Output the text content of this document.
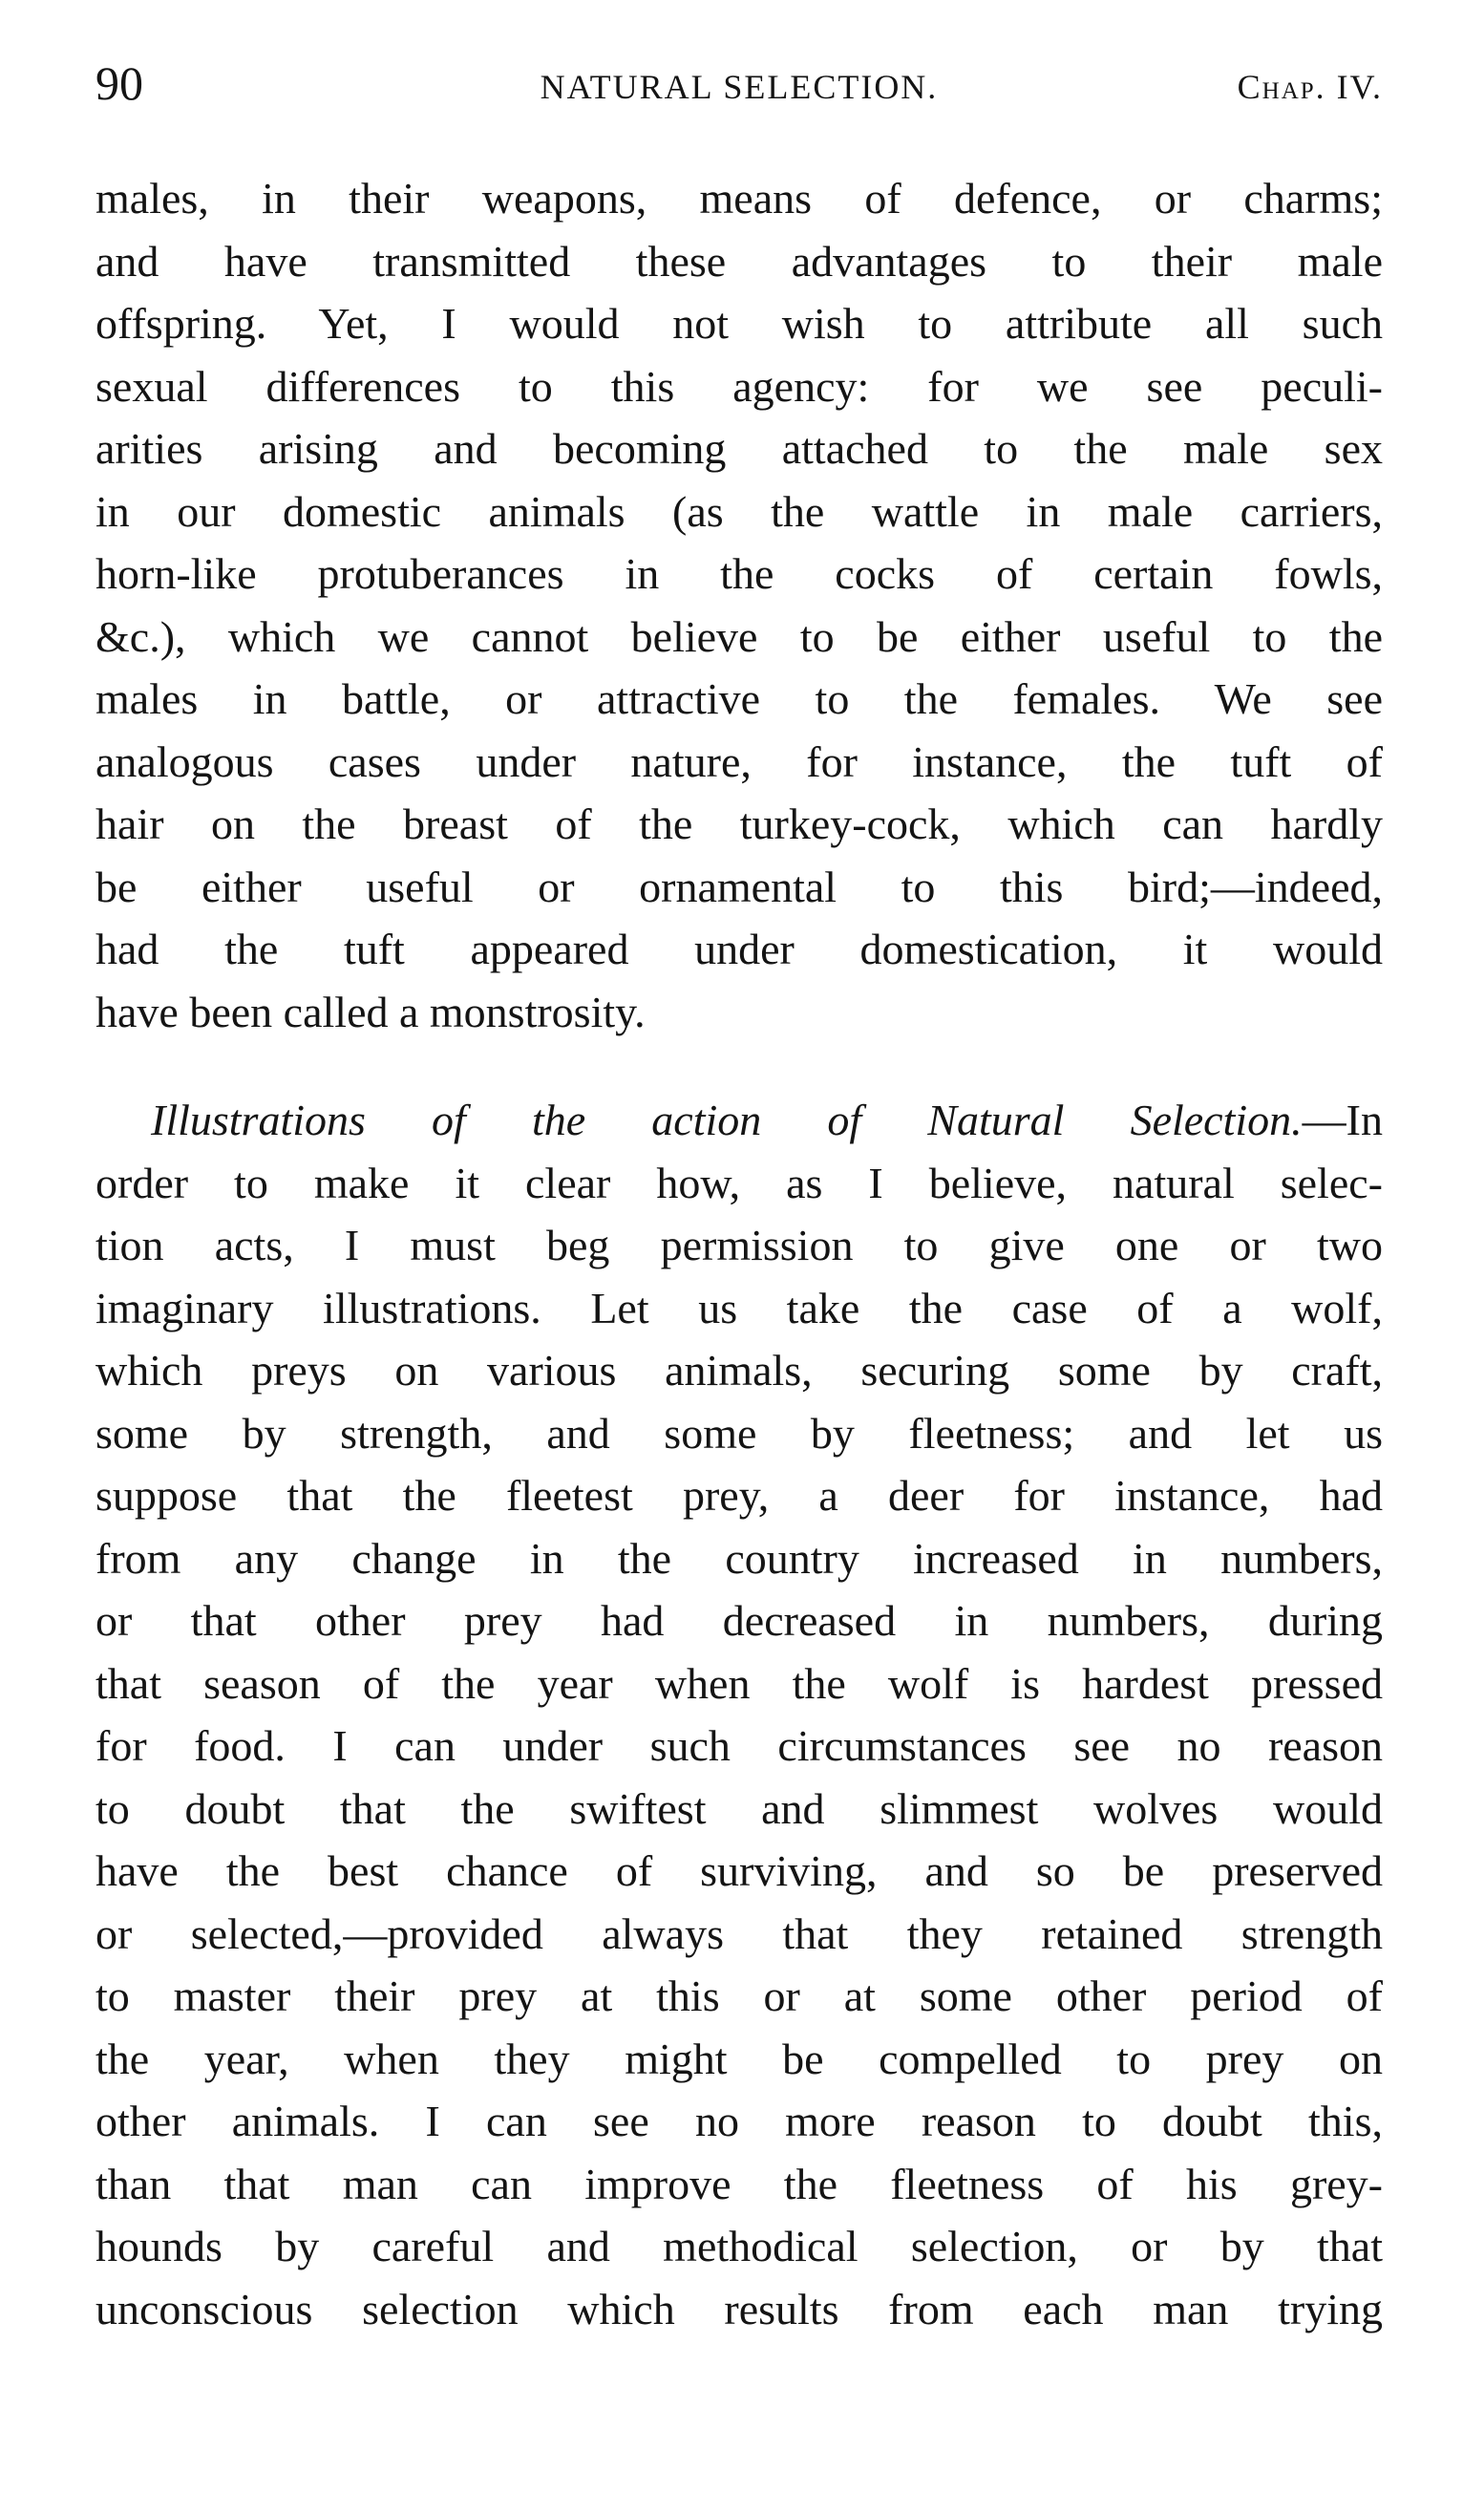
90	NATURAL SELECTION.	Chap. IV.
males, in their weapons, means of defence, or charms;
and have transmitted these advantages to their male
offspring. Yet, I would not wish to attribute all such
sexual differences to this agency: for we see peculi-
arities arising and becoming attached to the male sex
in our domestic animals (as the wattle in male carriers,
horn-like protuberances in the cocks of certain fowls,
&c.), which we cannot believe to be either useful to the
males in battle, or attractive to the females. We see
analogous cases under nature, for instance, the tuft of
hair on the breast of the turkey-cock, which can hardly
be either useful or ornamental to this bird;—indeed,
had the tuft appeared under domestication, it would
have been called a monstrosity.
Illustrations of the action of Natural Selection.—In
order to make it clear how, as I believe, natural selec-
tion acts, I must beg permission to give one or two
imaginary illustrations. Let us take the case of a wolf,
which preys on various animals, securing some by craft,
some by strength, and some by fleetness; and let us
suppose that the fleetest prey, a deer for instance, had
from any change in the country increased in numbers,
or that other prey had decreased in numbers, during
that season of the year when the wolf is hardest pressed
for food. I can under such circumstances see no reason
to doubt that the swiftest and slimmest wolves would
have the best chance of surviving, and so be preserved
or selected,—provided always that they retained strength
to master their prey at this or at some other period of
the year, when they might be compelled to prey on
other animals. I can see no more reason to doubt this,
than that man can improve the fleetness of his grey-
hounds by careful and methodical selection, or by that
unconscious selection which results from each man trying
